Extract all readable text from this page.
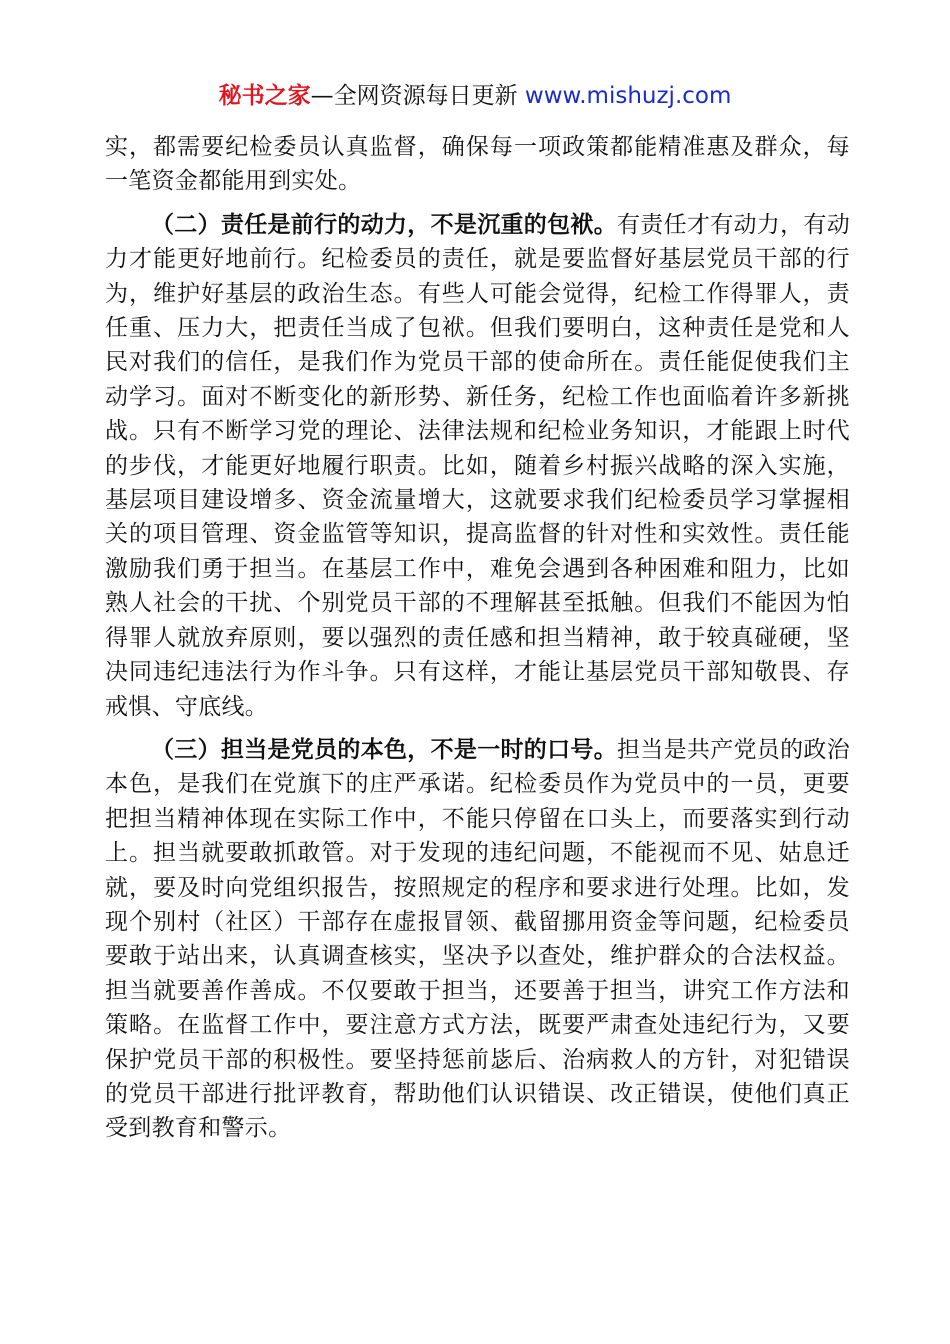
秘书之家—全网资源每日更新 www.mishuzj.com

实，都需要纪检委员认真监督，确保每一项政策都能精准惠及群众，每一笔资金都能用到实处。

（二）责任是前行的动力，不是沉重的包袱。有责任才有动力，有动力才能更好地前行。纪检委员的责任，就是要监督好基层党员干部的行为，维护好基层的政治生态。有些人可能会觉得，纪检工作得罪人，责任重、压力大，把责任当成了包袱。但我们要明白，这种责任是党和人民对我们的信任，是我们作为党员干部的使命所在。责任能促使我们主动学习。面对不断变化的新形势、新任务，纪检工作也面临着许多新挑战。只有不断学习党的理论、法律法规和纪检业务知识，才能跟上时代的步伐，才能更好地履行职责。比如，随着乡村振兴战略的深入实施，基层项目建设增多、资金流量增大，这就要求我们纪检委员学习掌握相关的项目管理、资金监管等知识，提高监督的针对性和实效性。责任能激励我们勇于担当。在基层工作中，难免会遇到各种困难和阻力，比如熟人社会的干扰、个别党员干部的不理解甚至抵触。但我们不能因为怕得罪人就放弃原则，要以强烈的责任感和担当精神，敢于较真碰硬，坚决同违纪违法行为作斗争。只有这样，才能让基层党员干部知敬畏、存戒惧、守底线。

（三）担当是党员的本色，不是一时的口号。担当是共产党员的政治本色，是我们在党旗下的庄严承诺。纪检委员作为党员中的一员，更要把担当精神体现在实际工作中，不能只停留在口头上，而要落实到行动上。担当就要敢抓敢管。对于发现的违纪问题，不能视而不见、姑息迁就，要及时向党组织报告，按照规定的程序和要求进行处理。比如，发现个别村（社区）干部存在虚报冒领、截留挪用资金等问题，纪检委员要敢于站出来，认真调查核实，坚决予以查处，维护群众的合法权益。担当就要善作善成。不仅要敢于担当，还要善于担当，讲究工作方法和策略。在监督工作中，要注意方式方法，既要严肃查处违纪行为，又要保护党员干部的积极性。要坚持惩前毖后、治病救人的方针，对犯错误的党员干部进行批评教育，帮助他们认识错误、改正错误，使他们真正受到教育和警示。
